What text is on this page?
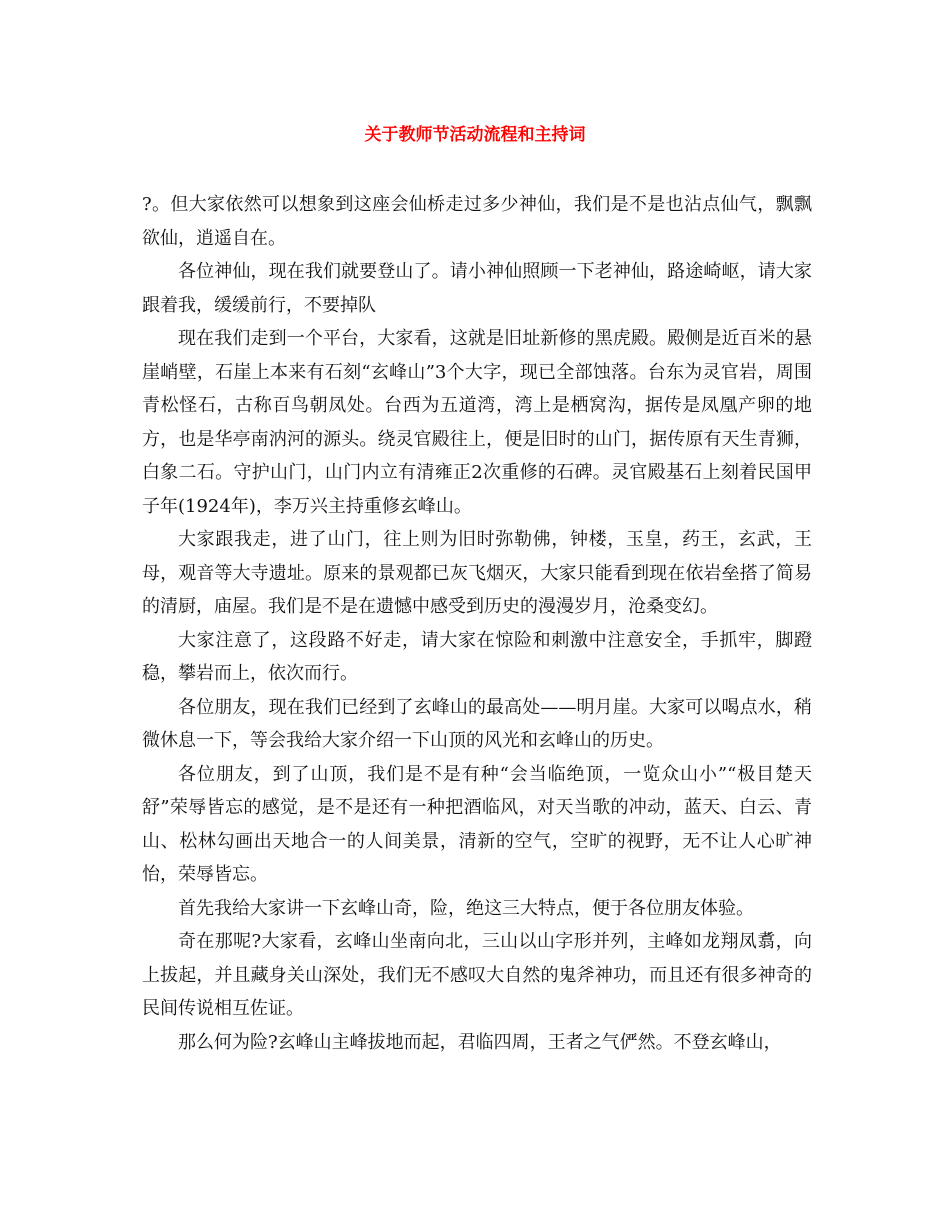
关于教师节活动流程和主持词

?。但大家依然可以想象到这座会仙桥走过多少神仙，我们是不是也沾点仙气，飘飘欲仙，逍遥自在。

各位神仙，现在我们就要登山了。请小神仙照顾一下老神仙，路途崎岖，请大家跟着我，缓缓前行，不要掉队

现在我们走到一个平台，大家看，这就是旧址新修的黑虎殿。殿侧是近百米的悬崖峭壁，石崖上本来有石刻“玄峰山”3个大字，现已全部蚀落。台东为灵官岩，周围青松怪石，古称百鸟朝凤处。台西为五道湾，湾上是栖窝沟，据传是凤凰产卵的地方，也是华亭南汭河的源头。绕灵官殿往上，便是旧时的山门，据传原有天生青狮，白象二石。守护山门，山门内立有清雍正2次重修的石碑。灵官殿基石上刻着民国甲子年(1924年)，李万兴主持重修玄峰山。

大家跟我走，进了山门，往上则为旧时弥勒佛，钟楼，玉皇，药王，玄武，王母，观音等大寺遗址。原来的景观都已灰飞烟灭，大家只能看到现在依岩垒搭了简易的清厨，庙屋。我们是不是在遗憾中感受到历史的漫漫岁月，沧桑变幻。

大家注意了，这段路不好走，请大家在惊险和刺激中注意安全，手抓牢，脚蹬稳，攀岩而上，依次而行。

各位朋友，现在我们已经到了玄峰山的最高处——明月崖。大家可以喝点水，稍微休息一下，等会我给大家介绍一下山顶的风光和玄峰山的历史。

各位朋友，到了山顶，我们是不是有种“会当临绝顶，一览众山小”“极目楚天舒”荣辱皆忘的感觉，是不是还有一种把酒临风，对天当歌的冲动，蓝天、白云、青山、松林勾画出天地合一的人间美景，清新的空气，空旷的视野，无不让人心旷神怡，荣辱皆忘。

首先我给大家讲一下玄峰山奇，险，绝这三大特点，便于各位朋友体验。

奇在那呢?大家看，玄峰山坐南向北，三山以山字形并列，主峰如龙翔凤翥，向上拔起，并且藏身关山深处，我们无不感叹大自然的鬼斧神功，而且还有很多神奇的民间传说相互佐证。

那么何为险?玄峰山主峰拔地而起，君临四周，王者之气俨然。不登玄峰山，
